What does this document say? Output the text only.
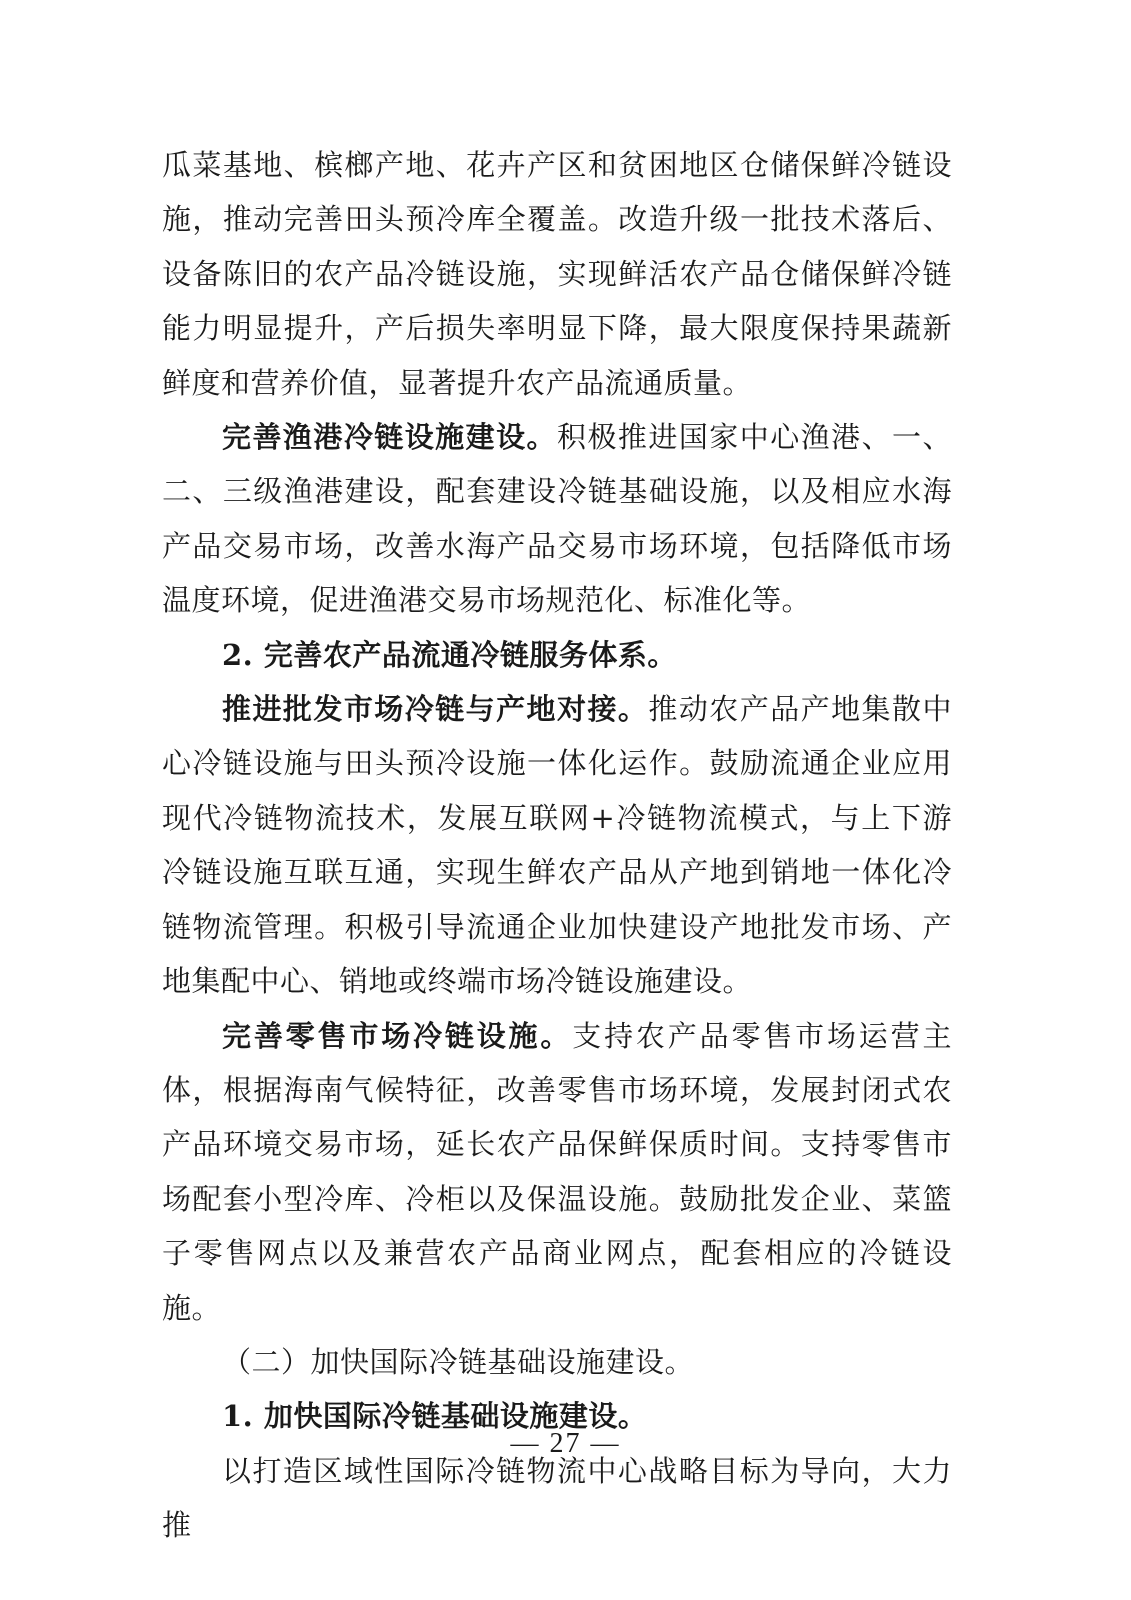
瓜菜基地、槟榔产地、花卉产区和贫困地区仓储保鲜冷链设施，推动完善田头预冷库全覆盖。改造升级一批技术落后、设备陈旧的农产品冷链设施，实现鲜活农产品仓储保鲜冷链能力明显提升，产后损失率明显下降，最大限度保持果蔬新鲜度和营养价值，显著提升农产品流通质量。

完善渔港冷链设施建设。积极推进国家中心渔港、一、二、三级渔港建设，配套建设冷链基础设施，以及相应水海产品交易市场，改善水海产品交易市场环境，包括降低市场温度环境，促进渔港交易市场规范化、标准化等。

2. 完善农产品流通冷链服务体系。

推进批发市场冷链与产地对接。推动农产品产地集散中心冷链设施与田头预冷设施一体化运作。鼓励流通企业应用现代冷链物流技术，发展互联网+冷链物流模式，与上下游冷链设施互联互通，实现生鲜农产品从产地到销地一体化冷链物流管理。积极引导流通企业加快建设产地批发市场、产地集配中心、销地或终端市场冷链设施建设。

完善零售市场冷链设施。支持农产品零售市场运营主体，根据海南气候特征，改善零售市场环境，发展封闭式农产品环境交易市场，延长农产品保鲜保质时间。支持零售市场配套小型冷库、冷柜以及保温设施。鼓励批发企业、菜篮子零售网点以及兼营农产品商业网点，配套相应的冷链设施。

（二）加快国际冷链基础设施建设。

1. 加快国际冷链基础设施建设。

以打造区域性国际冷链物流中心战略目标为导向，大力推

— 27 —
